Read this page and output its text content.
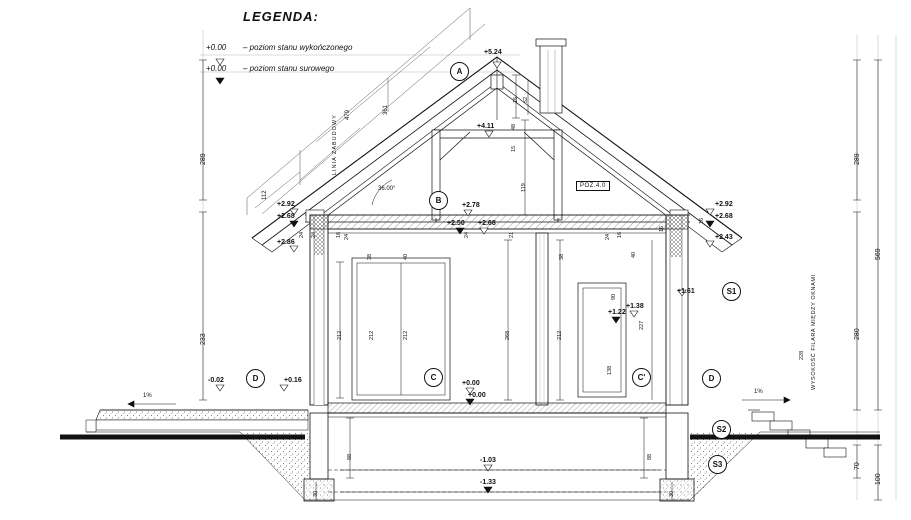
LEGENDA:
+0.00 – poziom stanu wykończonego
+0.00 – poziom stanu surowego	A
B
C	C'
D	D
S1
S2
S3
POZ.4.0
+5.24
+4.11
+2.92
+2.68
+2.86
+2.78
+2.50 +2.68
+2.92
+2.68
+2.43
+1.38
+1.22
+1.61
+0.16
-0.02	+0.00
+0.00
-1.03
-1.33
1%
1%
36.00°
479	361
112
LINIA ZABUDOWY
WYSOKOŚĆ FILARA MIĘDZY OKNAMI
289
233
289
569
280
70
100
15 52
48
15
119
24 24	24	21
16
16
24 16
40
38
24
16
40
38
90
138
212	212	212	268	212
88	88
30	30
228
227
